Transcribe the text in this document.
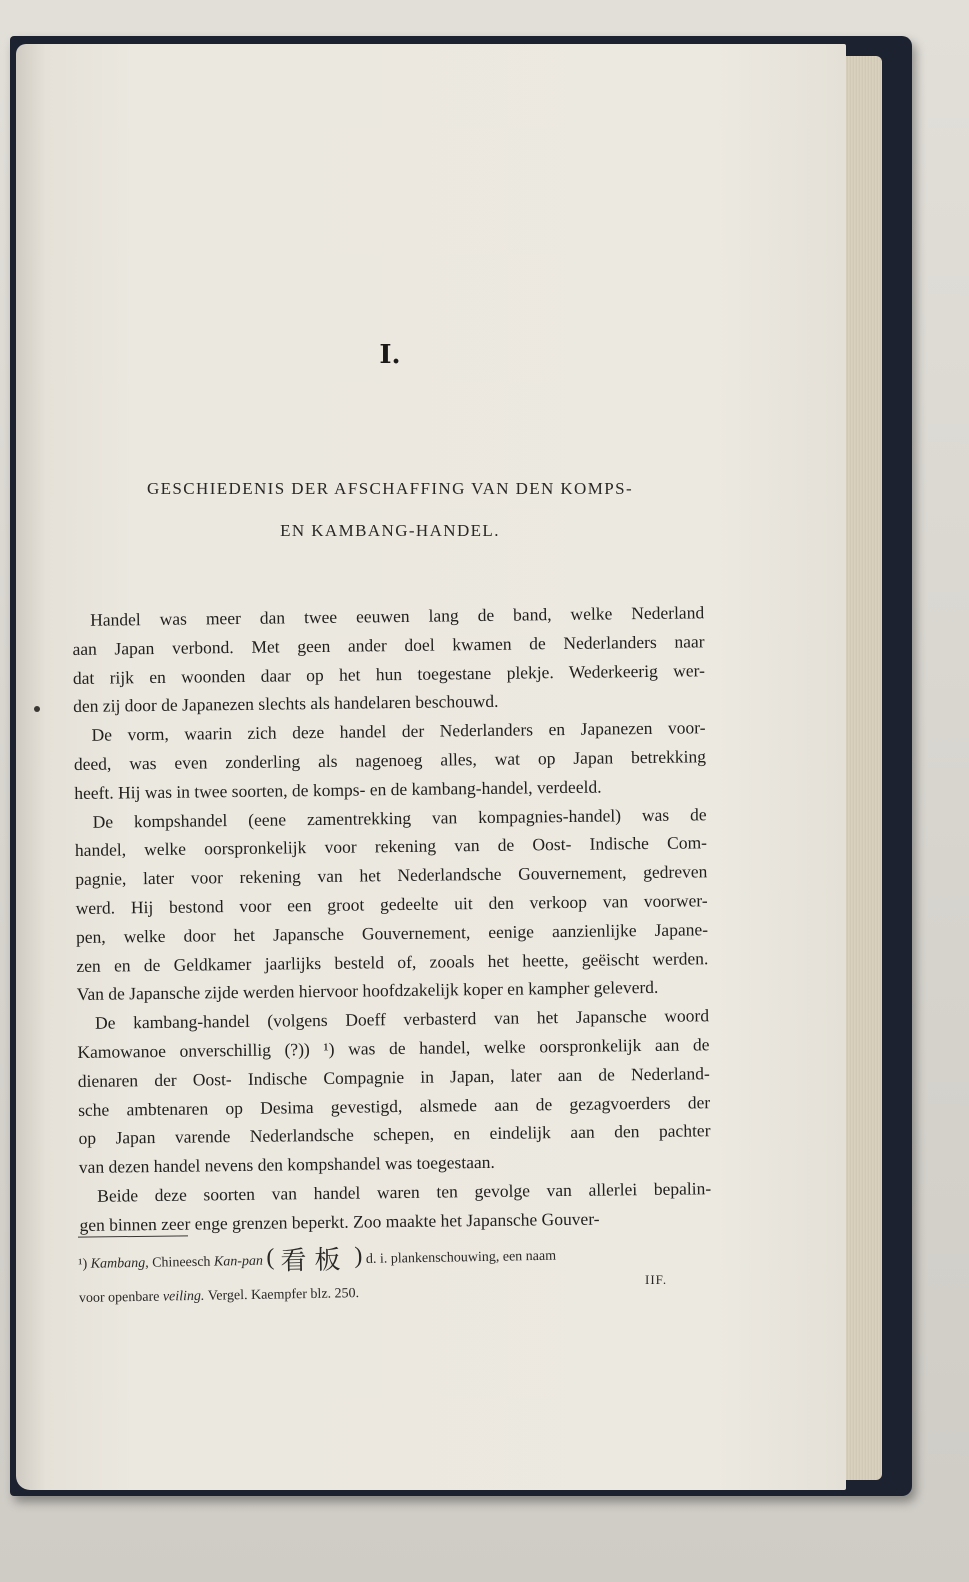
I.
GESCHIEDENIS DER AFSCHAFFING VAN DEN KOMPS-
EN KAMBANG-HANDEL.
Handel was meer dan twee eeuwen lang de band, welke Nederland
aan Japan verbond. Met geen ander doel kwamen de Nederlanders naar
dat rijk en woonden daar op het hun toegestane plekje. Wederkeerig wer-
den zij door de Japanezen slechts als handelaren beschouwd.
De vorm, waarin zich deze handel der Nederlanders en Japanezen voor-
deed, was even zonderling als nagenoeg alles, wat op Japan betrekking
heeft. Hij was in twee soorten, de komps- en de kambang-handel, verdeeld.
De kompshandel (eene zamentrekking van kompagnies-handel) was de
handel, welke oorspronkelijk voor rekening van de Oost- Indische Com-
pagnie, later voor rekening van het Nederlandsche Gouvernement, gedreven
werd. Hij bestond voor een groot gedeelte uit den verkoop van voorwer-
pen, welke door het Japansche Gouvernement, eenige aanzienlijke Japane-
zen en de Geldkamer jaarlijks besteld of, zooals het heette, geëischt werden.
Van de Japansche zijde werden hiervoor hoofdzakelijk koper en kampher geleverd.
De kambang-handel (volgens Doeff verbasterd van het Japansche woord
Kamowanoe onverschillig (?)) ¹) was de handel, welke oorspronkelijk aan de
dienaren der Oost- Indische Compagnie in Japan, later aan de Nederland-
sche ambtenaren op Desima gevestigd, alsmede aan de gezagvoerders der
op Japan varende Nederlandsche schepen, en eindelijk aan den pachter
van dezen handel nevens den kompshandel was toegestaan.
Beide deze soorten van handel waren ten gevolge van allerlei bepalin-
gen binnen zeer enge grenzen beperkt. Zoo maakte het Japansche Gouver-
¹) Kambang, Chineesch Kan-pan ( 看板 ) d. i. plankenschouwing, een naam
voor openbare veiling. Vergel. Kaempfer blz. 250.
IIF.
